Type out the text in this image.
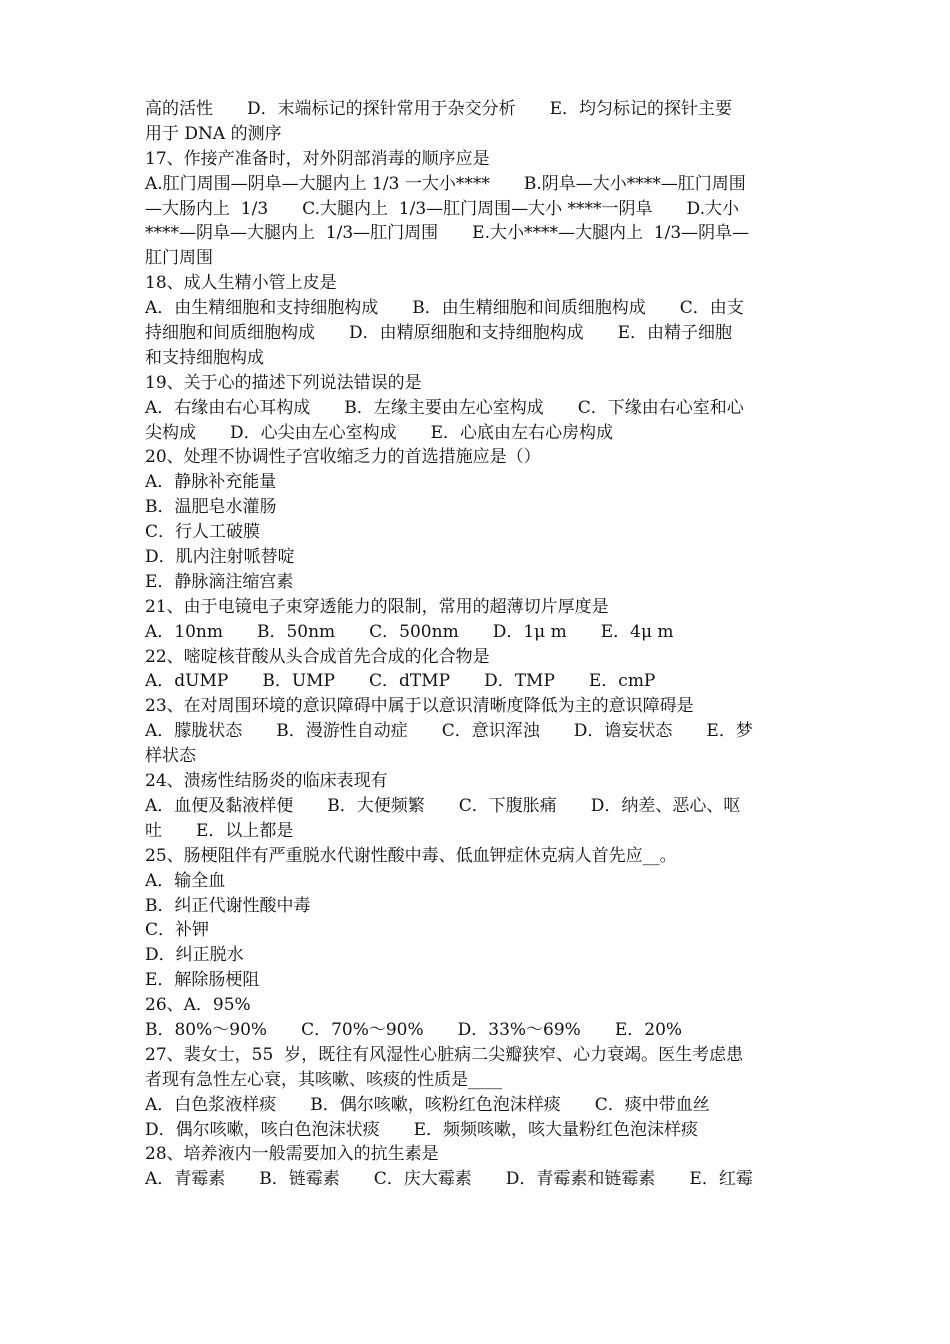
高的活性　　D．末端标记的探针常用于杂交分析　　E．均匀标记的探针主要
用于 DNA 的测序
17、作接产准备时，对外阴部消毒的顺序应是
A.肛门周围—阴阜—大腿内上 1/3 一大小****　　B.阴阜—大小****—肛门周围
—大肠内上  1/3　　C.大腿内上  1/3—肛门周围—大小 ****一阴阜　　D.大小
****—阴阜—大腿内上  1/3—肛门周围　　E.大小****—大腿内上  1/3—阴阜—
肛门周围
18、成人生精小管上皮是
A．由生精细胞和支持细胞构成　　B．由生精细胞和间质细胞构成　　C．由支
持细胞和间质细胞构成　　D．由精原细胞和支持细胞构成　　E．由精子细胞
和支持细胞构成
19、关于心的描述下列说法错误的是
A．右缘由右心耳构成　　B．左缘主要由左心室构成　　C．下缘由右心室和心
尖构成　　D．心尖由左心室构成　　E．心底由左右心房构成
20、处理不协调性子宫收缩乏力的首选措施应是（）
A．静脉补充能量
B．温肥皂水灌肠
C．行人工破膜
D．肌内注射哌替啶
E．静脉滴注缩宫素
21、由于电镜电子束穿透能力的限制，常用的超薄切片厚度是
A．10nm　　B．50nm　　C．500nm　　D．1μ m　　E．4μ m
22、嘧啶核苷酸从头合成首先合成的化合物是
A．dUMP　　B．UMP　　C．dTMP　　D．TMP　　E．cmP
23、在对周围环境的意识障碍中属于以意识清晰度降低为主的意识障碍是
A．朦胧状态　　B．漫游性自动症　　C．意识浑浊　　D．谵妄状态　　E．梦
样状态
24、溃疡性结肠炎的临床表现有
A．血便及黏液样便　　B．大便频繁　　C．下腹胀痛　　D．纳差、恶心、呕
吐　　E．以上都是
25、肠梗阻伴有严重脱水代谢性酸中毒、低血钾症休克病人首先应__。
A．输全血
B．纠正代谢性酸中毒
C．补钾
D．纠正脱水
E．解除肠梗阻
26、A．95%
B．80%～90%　　C．70%～90%　　D．33%～69%　　E．20%
27、裴女士，55  岁，既往有风湿性心脏病二尖瓣狭窄、心力衰竭。医生考虑患
者现有急性左心衰，其咳嗽、咳痰的性质是____
A．白色浆液样痰　　B．偶尔咳嗽，咳粉红色泡沫样痰　　C．痰中带血丝
D．偶尔咳嗽，咳白色泡沫状痰　　E．频频咳嗽，咳大量粉红色泡沫样痰
28、培养液内一般需要加入的抗生素是
A．青霉素　　B．链霉素　　C．庆大霉素　　D．青霉素和链霉素　　E．红霉
